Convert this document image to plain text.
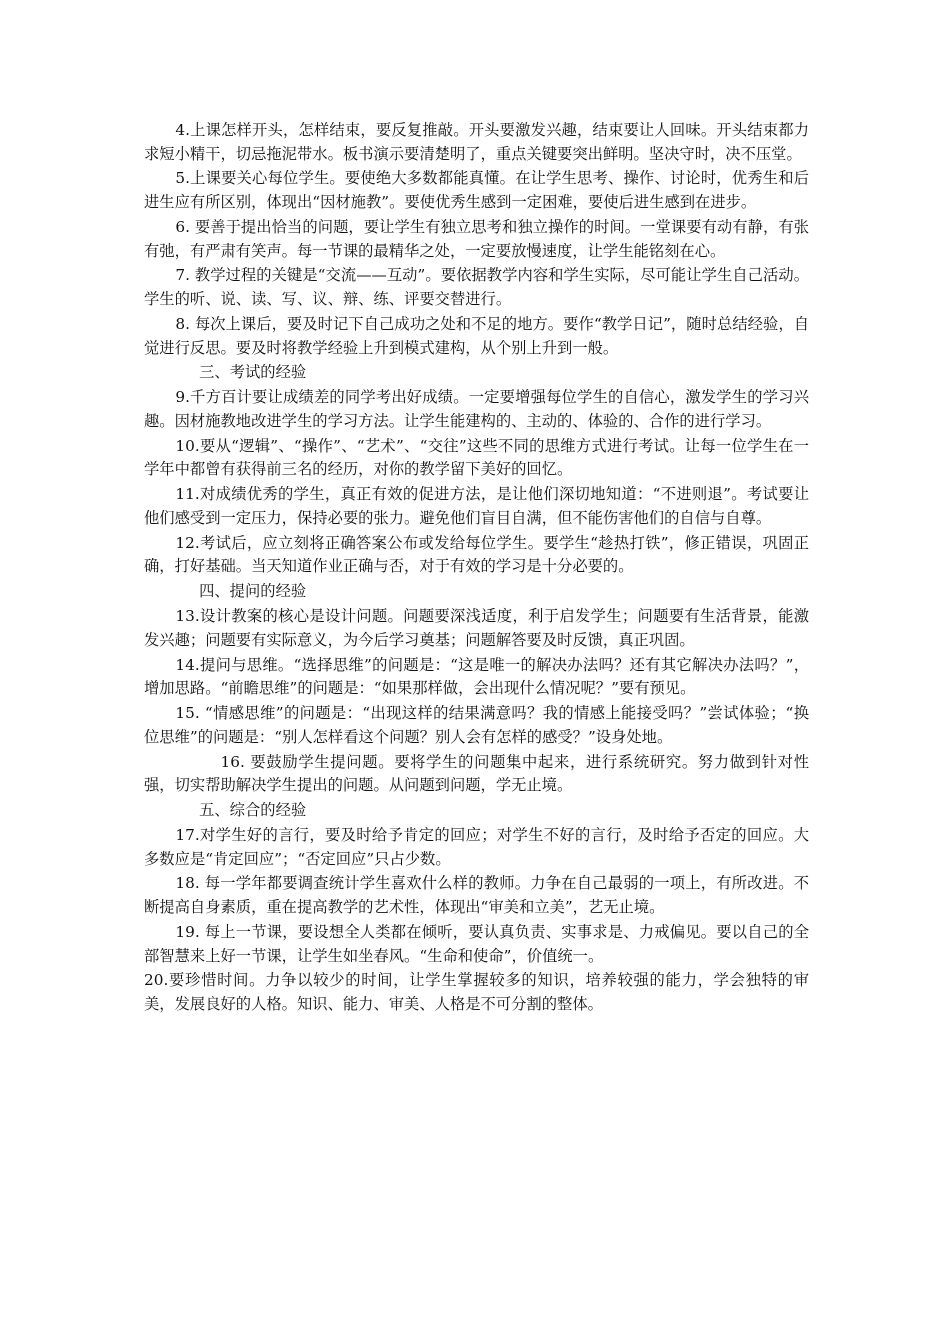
4.上课怎样开头，怎样结束，要反复推敲。开头要激发兴趣，结束要让人回味。开头结束都力求短小精干，切忌拖泥带水。板书演示要清楚明了，重点关键要突出鲜明。坚决守时，决不压堂。

5.上课要关心每位学生。要使绝大多数都能真懂。在让学生思考、操作、讨论时，优秀生和后进生应有所区别，体现出“因材施教”。要使优秀生感到一定困难，要使后进生感到在进步。

6. 要善于提出恰当的问题，要让学生有独立思考和独立操作的时间。一堂课要有动有静，有张有弛，有严肃有笑声。每一节课的最精华之处，一定要放慢速度，让学生能铭刻在心。

7. 教学过程的关键是“交流——互动”。要依据教学内容和学生实际，尽可能让学生自己活动。学生的听、说、读、写、议、辩、练、评要交替进行。

8. 每次上课后，要及时记下自己成功之处和不足的地方。要作“教学日记”，随时总结经验，自觉进行反思。要及时将教学经验上升到模式建构，从个别上升到一般。

三、考试的经验

9.千方百计要让成绩差的同学考出好成绩。一定要增强每位学生的自信心，激发学生的学习兴趣。因材施教地改进学生的学习方法。让学生能建构的、主动的、体验的、合作的进行学习。

10.要从“逻辑”、“操作”、“艺术”、“交往”这些不同的思维方式进行考试。让每一位学生在一学年中都曾有获得前三名的经历，对你的教学留下美好的回忆。

11.对成绩优秀的学生，真正有效的促进方法，是让他们深切地知道：“不进则退”。考试要让他们感受到一定压力，保持必要的张力。避免他们盲目自满，但不能伤害他们的自信与自尊。

12.考试后，应立刻将正确答案公布或发给每位学生。要学生“趁热打铁”，修正错误，巩固正确，打好基础。当天知道作业正确与否，对于有效的学习是十分必要的。

四、提问的经验

13.设计教案的核心是设计问题。问题要深浅适度，利于启发学生；问题要有生活背景，能激发兴趣；问题要有实际意义，为今后学习奠基；问题解答要及时反馈，真正巩固。

14.提问与思维。“选择思维”的问题是：“这是唯一的解决办法吗？还有其它解决办法吗？”，增加思路。“前瞻思维”的问题是：“如果那样做，会出现什么情况呢？”要有预见。

15. “情感思维”的问题是：“出现这样的结果满意吗？我的情感上能接受吗？”尝试体验；“换位思维”的问题是：“别人怎样看这个问题？别人会有怎样的感受？”设身处地。

16. 要鼓励学生提问题。要将学生的问题集中起来，进行系统研究。努力做到针对性强，切实帮助解决学生提出的问题。从问题到问题，学无止境。

五、综合的经验

17.对学生好的言行，要及时给予肯定的回应；对学生不好的言行，及时给予否定的回应。大多数应是“肯定回应”；“否定回应”只占少数。

18. 每一学年都要调查统计学生喜欢什么样的教师。力争在自己最弱的一项上，有所改进。不断提高自身素质，重在提高教学的艺术性，体现出“审美和立美”，艺无止境。

19. 每上一节课，要设想全人类都在倾听，要认真负责、实事求是、力戒偏见。要以自己的全部智慧来上好一节课，让学生如坐春风。“生命和使命”，价值统一。

20.要珍惜时间。力争以较少的时间，让学生掌握较多的知识，培养较强的能力，学会独特的审美，发展良好的人格。知识、能力、审美、人格是不可分割的整体。
